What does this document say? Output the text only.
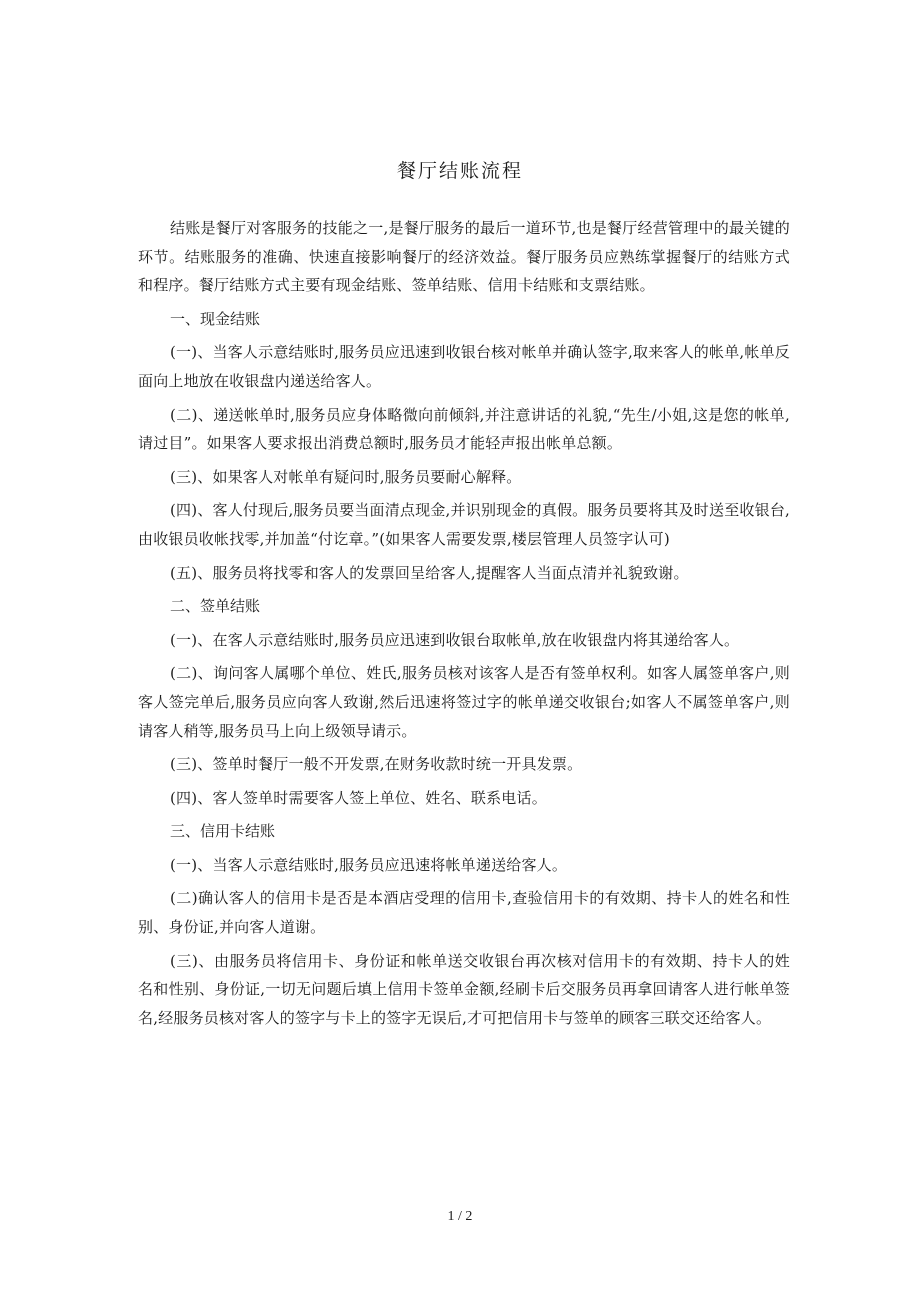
餐厅结账流程

结账是餐厅对客服务的技能之一,是餐厅服务的最后一道环节,也是餐厅经营管理中的最关键的环节。结账服务的准确、快速直接影响餐厅的经济效益。餐厅服务员应熟练掌握餐厅的结账方式和程序。餐厅结账方式主要有现金结账、签单结账、信用卡结账和支票结账。

一、现金结账

(一)、当客人示意结账时,服务员应迅速到收银台核对帐单并确认签字,取来客人的帐单,帐单反面向上地放在收银盘内递送给客人。

(二)、递送帐单时,服务员应身体略微向前倾斜,并注意讲话的礼貌,“先生/小姐,这是您的帐单,请过目”。如果客人要求报出消费总额时,服务员才能轻声报出帐单总额。

(三)、如果客人对帐单有疑问时,服务员要耐心解释。

(四)、客人付现后,服务员要当面清点现金,并识别现金的真假。服务员要将其及时送至收银台,由收银员收帐找零,并加盖“付讫章。”(如果客人需要发票,楼层管理人员签字认可)

(五)、服务员将找零和客人的发票回呈给客人,提醒客人当面点清并礼貌致谢。

二、签单结账

(一)、在客人示意结账时,服务员应迅速到收银台取帐单,放在收银盘内将其递给客人。

(二)、询问客人属哪个单位、姓氏,服务员核对该客人是否有签单权利。如客人属签单客户,则客人签完单后,服务员应向客人致谢,然后迅速将签过字的帐单递交收银台;如客人不属签单客户,则请客人稍等,服务员马上向上级领导请示。

(三)、签单时餐厅一般不开发票,在财务收款时统一开具发票。

(四)、客人签单时需要客人签上单位、姓名、联系电话。

三、信用卡结账

(一)、当客人示意结账时,服务员应迅速将帐单递送给客人。

(二)确认客人的信用卡是否是本酒店受理的信用卡,查验信用卡的有效期、持卡人的姓名和性别、身份证,并向客人道谢。

(三)、由服务员将信用卡、身份证和帐单送交收银台再次核对信用卡的有效期、持卡人的姓名和性别、身份证,一切无问题后填上信用卡签单金额,经刷卡后交服务员再拿回请客人进行帐单签名,经服务员核对客人的签字与卡上的签字无误后,才可把信用卡与签单的顾客三联交还给客人。

1 / 2
